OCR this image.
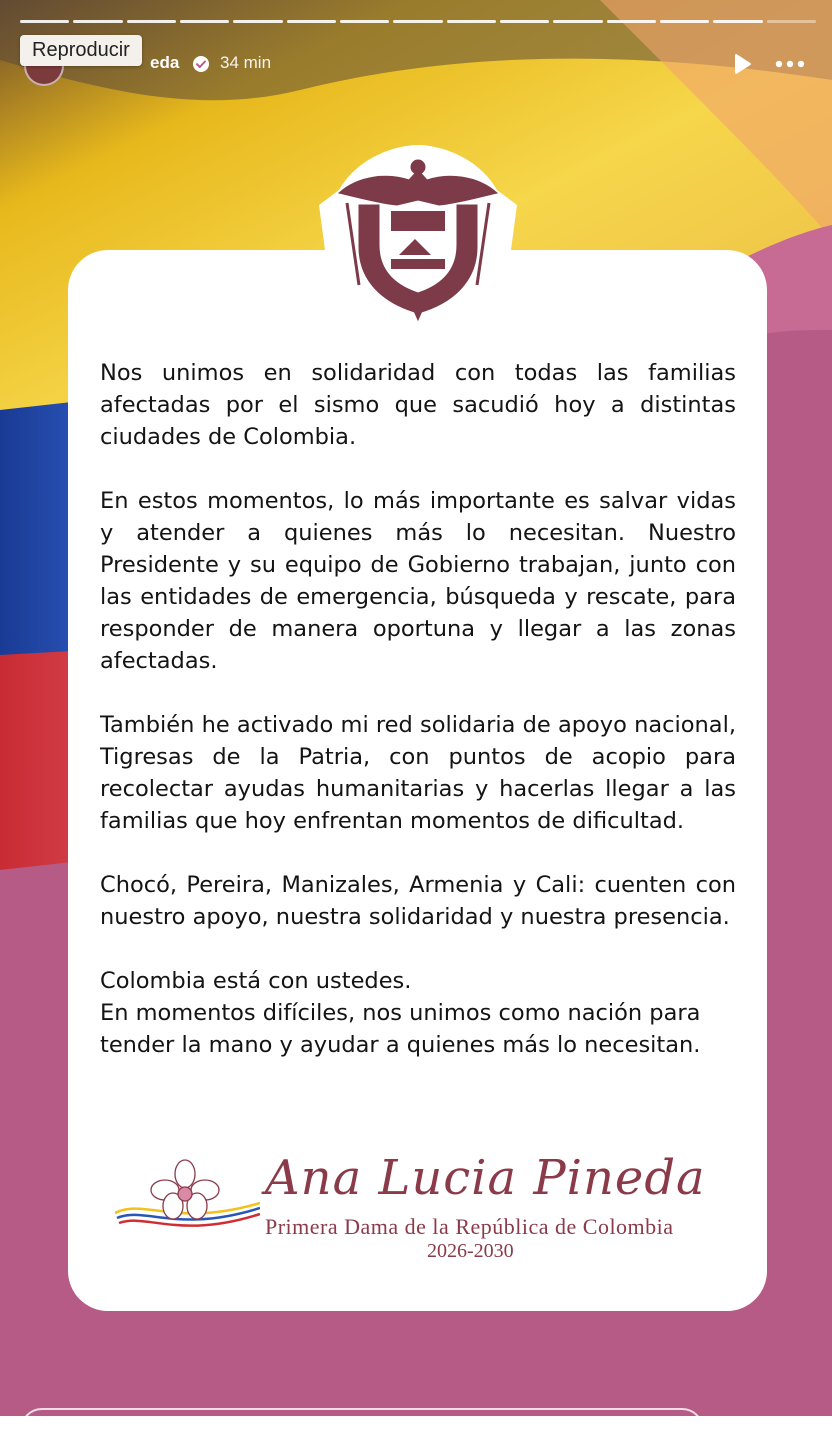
Reproducir
eda 34 min

Nos unimos en solidaridad con todas las familias afectadas por el sismo que sacudió hoy a distintas ciudades de Colombia.

En estos momentos, lo más importante es salvar vidas y atender a quienes más lo necesitan. Nuestro Presidente y su equipo de Gobierno trabajan, junto con las entidades de emergencia, búsqueda y rescate, para responder de manera oportuna y llegar a las zonas afectadas.

También he activado mi red solidaria de apoyo nacional, Tigresas de la Patria, con puntos de acopio para recolectar ayudas humanitarias y hacerlas llegar a las familias que hoy enfrentan momentos de dificultad.

Chocó, Pereira, Manizales, Armenia y Cali: cuenten con nuestro apoyo, nuestra solidaridad y nuestra presencia.

Colombia está con ustedes.
En momentos difíciles, nos unimos como nación para tender la mano y ayudar a quienes más lo necesitan.

Ana Lucia Pineda
Primera Dama de la República de Colombia
2026-2030
